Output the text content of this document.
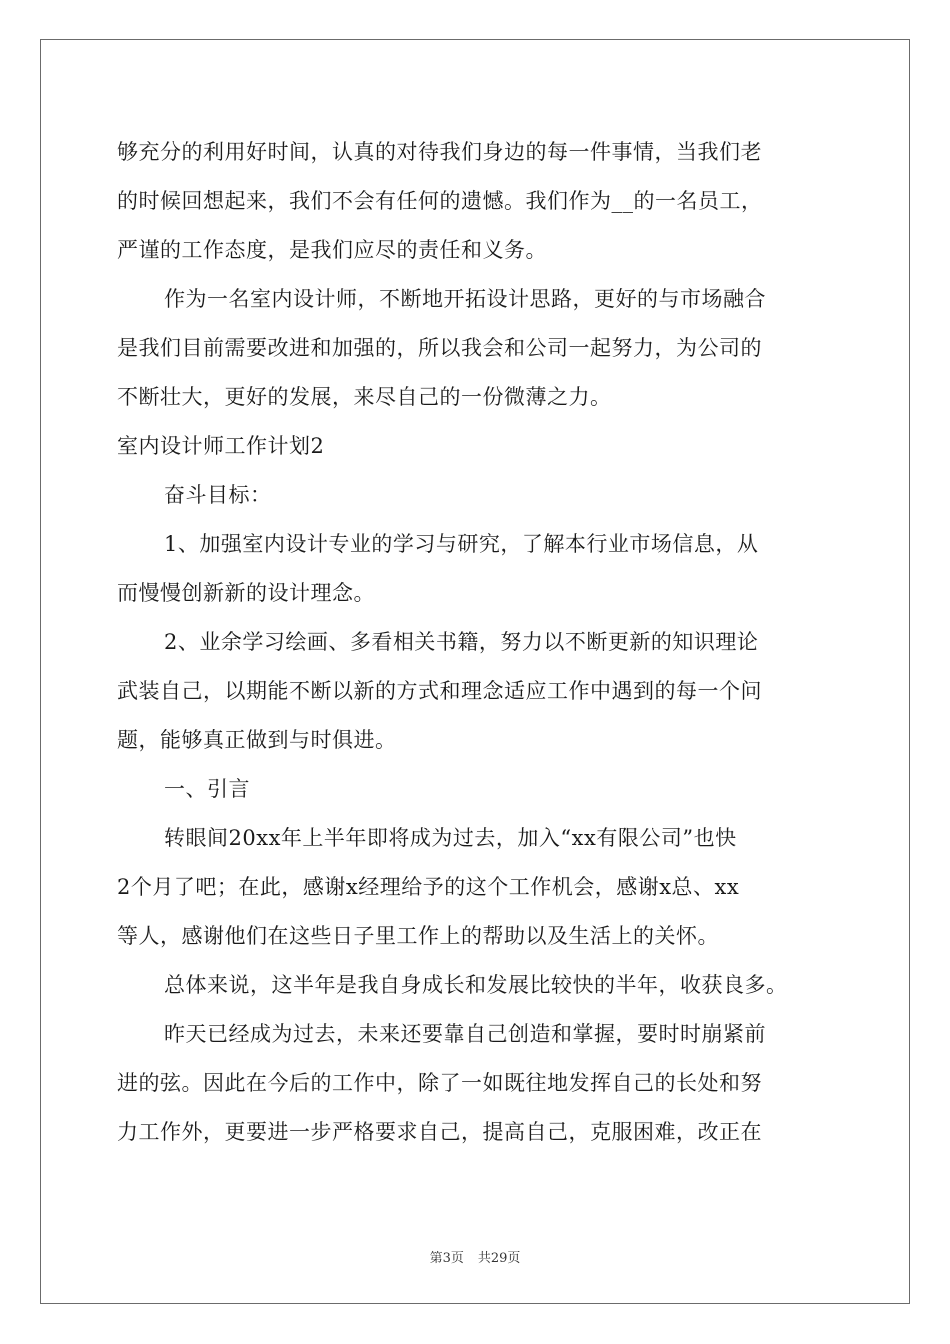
够充分的利用好时间，认真的对待我们身边的每一件事情，当我们老
的时候回想起来，我们不会有任何的遗憾。我们作为__的一名员工，
严谨的工作态度，是我们应尽的责任和义务。
作为一名室内设计师，不断地开拓设计思路，更好的与市场融合
是我们目前需要改进和加强的，所以我会和公司一起努力，为公司的
不断壮大，更好的发展，来尽自己的一份微薄之力。
室内设计师工作计划2
奋斗目标：
1、加强室内设计专业的学习与研究，了解本行业市场信息，从
而慢慢创新新的设计理念。
2、业余学习绘画、多看相关书籍，努力以不断更新的知识理论
武装自己，以期能不断以新的方式和理念适应工作中遇到的每一个问
题，能够真正做到与时俱进。
一、引言
转眼间20xx年上半年即将成为过去，加入“xx有限公司”也快
2个月了吧；在此，感谢x经理给予的这个工作机会，感谢x总、xx
等人，感谢他们在这些日子里工作上的帮助以及生活上的关怀。
总体来说，这半年是我自身成长和发展比较快的半年，收获良多。
昨天已经成为过去，未来还要靠自己创造和掌握，要时时崩紧前
进的弦。因此在今后的工作中，除了一如既往地发挥自己的长处和努
力工作外，更要进一步严格要求自己，提高自己，克服困难，改正在
第3页 共29页
